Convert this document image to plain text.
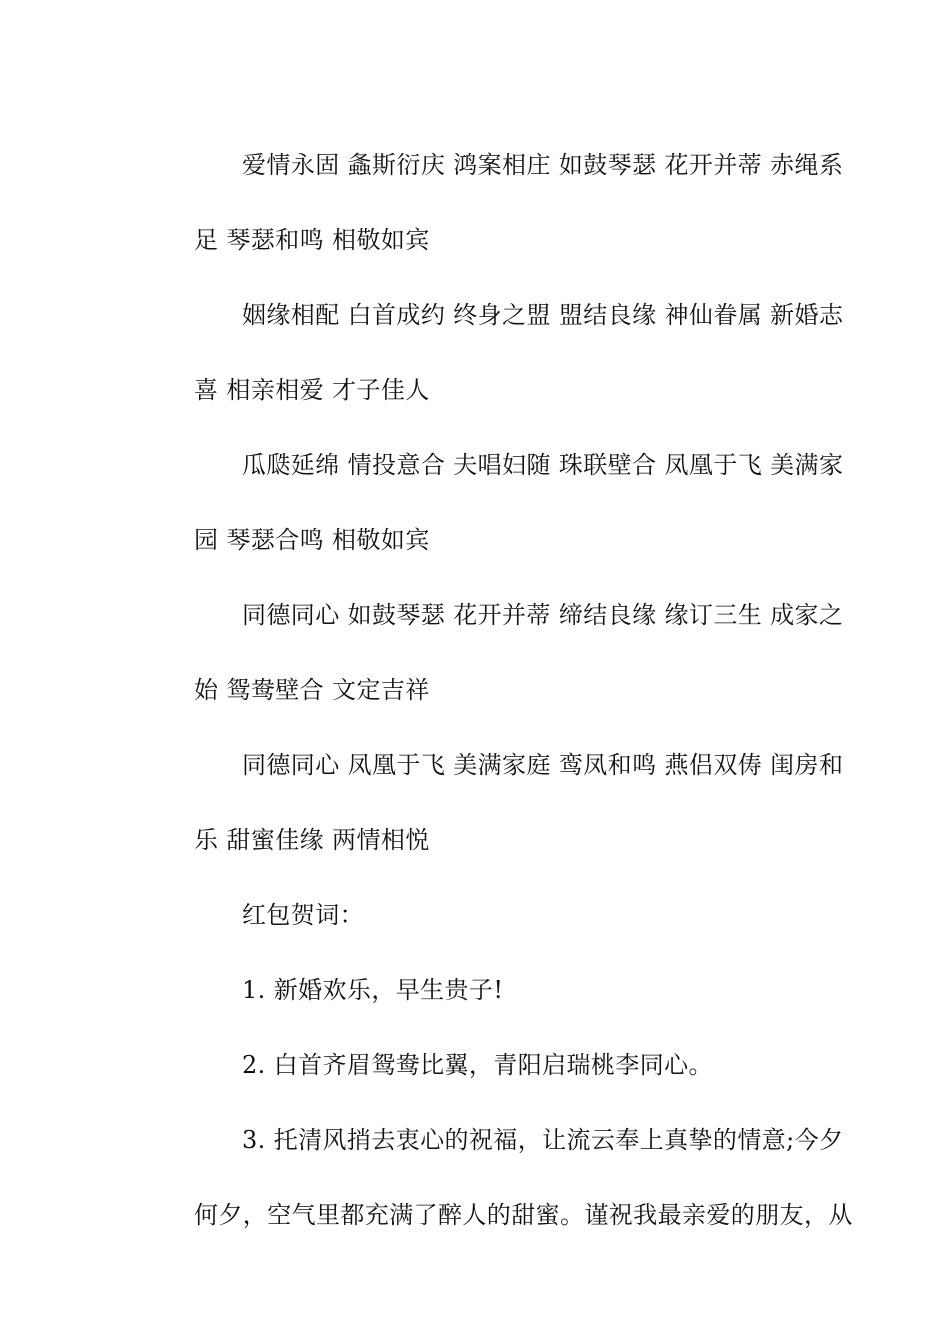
爱情永固 螽斯衍庆 鸿案相庄 如鼓琴瑟 花开并蒂 赤绳系
足 琴瑟和鸣 相敬如宾
姻缘相配 白首成约 终身之盟 盟结良缘 神仙眷属 新婚志
喜 相亲相爱 才子佳人
瓜瓞延绵 情投意合 夫唱妇随 珠联壁合 凤凰于飞 美满家
园 琴瑟合鸣 相敬如宾
同德同心 如鼓琴瑟 花开并蒂 缔结良缘 缘订三生 成家之
始 鸳鸯壁合 文定吉祥
同德同心 凤凰于飞 美满家庭 鸾凤和鸣 燕侣双俦 闺房和
乐 甜蜜佳缘 两情相悦
红包贺词：
1. 新婚欢乐，早生贵子!
2. 白首齐眉鸳鸯比翼，青阳启瑞桃李同心。
3. 托清风捎去衷心的祝福，让流云奉上真挚的情意;今夕
何夕，空气里都充满了醉人的甜蜜。谨祝我最亲爱的朋友，从
